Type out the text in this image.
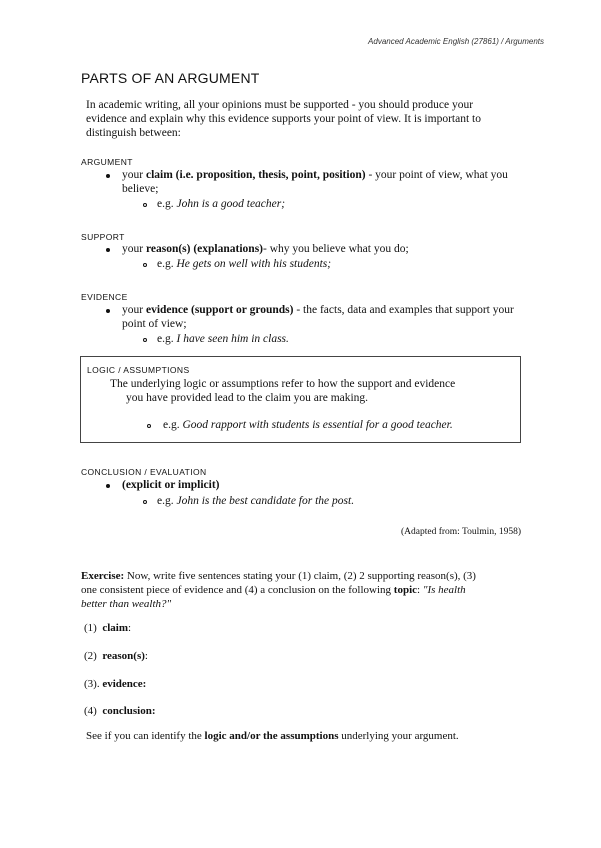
Advanced Academic English (27861) / Arguments
PARTS OF AN ARGUMENT
In academic writing, all your opinions must be supported - you should produce your evidence and explain why this evidence supports your point of view. It is important to distinguish between:
ARGUMENT
your claim (i.e. proposition, thesis, point, position) - your point of view, what you believe;
e.g. John is a good teacher;
SUPPORT
your reason(s) (explanations)- why you believe what you do;
e.g. He gets on well with his students;
EVIDENCE
your evidence (support or grounds) - the facts, data and examples that support your point of view;
e.g. I have seen him in class.
LOGIC / ASSUMPTIONS
The underlying logic or assumptions refer to how the support and evidence you have provided lead to the claim you are making.
e.g. Good rapport with students is essential for a good teacher.
CONCLUSION / EVALUATION
(explicit or implicit)
e.g. John is the best candidate for the post.
(Adapted from: Toulmin, 1958)
Exercise: Now, write five sentences stating your (1) claim, (2) 2 supporting reason(s), (3) one consistent piece of evidence and (4) a conclusion on the following topic: "Is health better than wealth?"
(1) claim:
(2) reason(s):
(3). evidence:
(4) conclusion:
See if you can identify the logic and/or the assumptions underlying your argument.
